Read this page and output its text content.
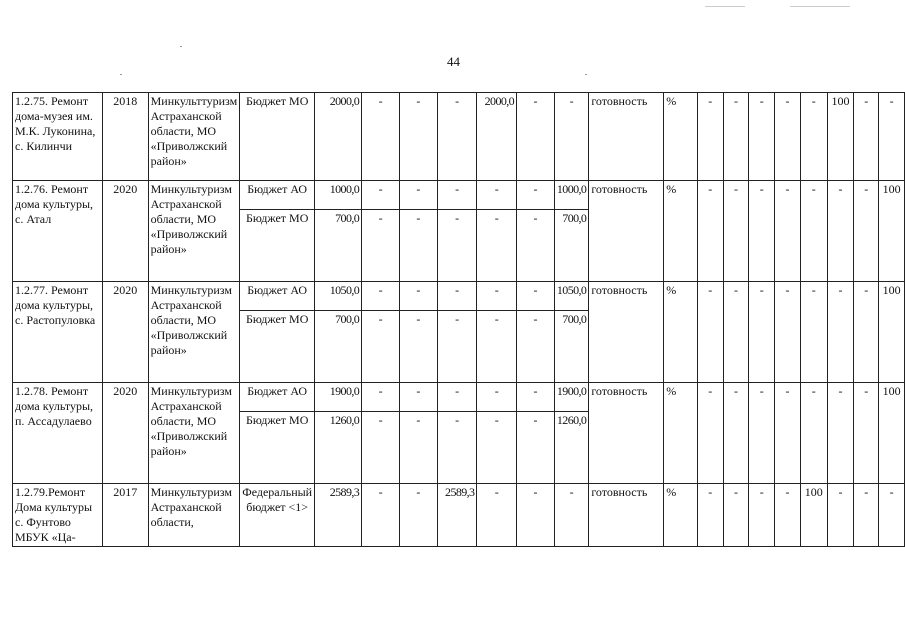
44
1.2.75. Ремонт дома-музея им. М.К. Луконина, с. Килинчи	2018	Минкульттуризм Астраханской области, МО «Приволжский район»	Бюджет МО	2000,0	-	-	-	2000,0	-	-	готовность	%	-	-	-	-	-	100	-	-
1.2.76. Ремонт дома культуры, с. Атал	2020	Минкультуризм Астраханской области, МО «Приволжский район»	Бюджет АО	1000,0	-	-	-	-	-	1000,0	готовность	%	-	-	-	-	-	-	-	100
			Бюджет МО	700,0	-	-	-	-	-	700,0										
1.2.77. Ремонт дома культуры, с. Растопуловка	2020	Минкультуризм Астраханской области, МО «Приволжский район»	Бюджет АО	1050,0	-	-	-	-	-	1050,0	готовность	%	-	-	-	-	-	-	-	100
			Бюджет МО	700,0	-	-	-	-	-	700,0										
1.2.78. Ремонт дома культуры, п. Ассадулаево	2020	Минкультуризм Астраханской области, МО «Приволжский район»	Бюджет АО	1900,0	-	-	-	-	-	1900,0	готовность	%	-	-	-	-	-	-	-	100
			Бюджет МО	1260,0	-	-	-	-	-	1260,0										
1.2.79.Ремонт Дома культуры с. Фунтово МБУК «Ца-	2017	Минкультуризм Астраханской области,	Федеральный бюджет <1>	2589,3	-	-	2589,3	-	-	-	готовность	%	-	-	-	-	100	-	-	-
